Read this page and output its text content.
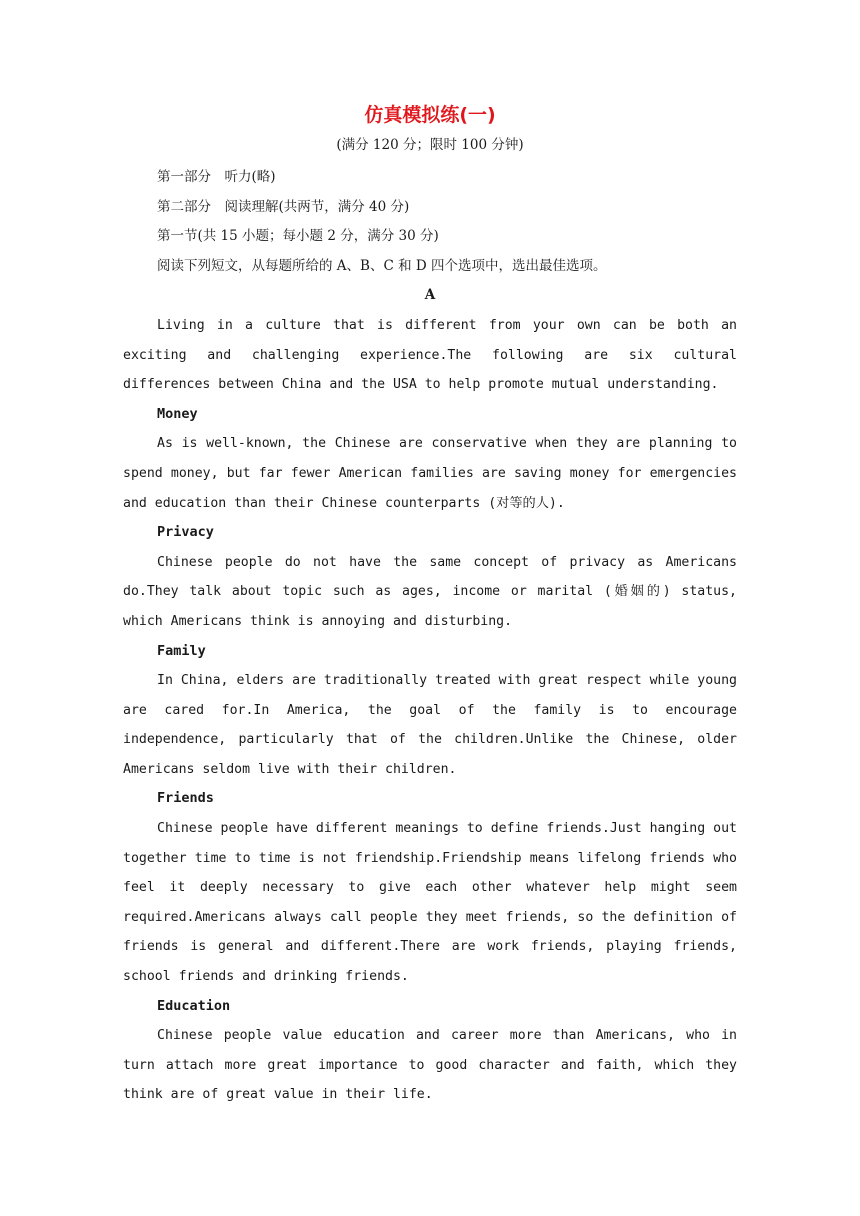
仿真模拟练(一)
(满分 120 分；限时 100 分钟)
第一部分　听力(略)
第二部分　阅读理解(共两节，满分 40 分)
第一节(共 15 小题；每小题 2 分，满分 30 分)
阅读下列短文，从每题所给的 A、B、C 和 D 四个选项中，选出最佳选项。
A

Living in a culture that is different from your own can be both an exciting and challenging experience.The following are six cultural differences between China and the USA to help promote mutual understanding.

Money

As is well-known, the Chinese are conservative when they are planning to spend money, but far fewer American families are saving money for emergencies and education than their Chinese counterparts (对等的人).

Privacy

Chinese people do not have the same concept of privacy as Americans do.They talk about topic such as ages, income or marital (婚姻的) status, which Americans think is annoying and disturbing.

Family

In China, elders are traditionally treated with great respect while young are cared for.In America, the goal of the family is to encourage independence, particularly that of the children.Unlike the Chinese, older Americans seldom live with their children.

Friends

Chinese people have different meanings to define friends.Just hanging out together time to time is not friendship.Friendship means lifelong friends who feel it deeply necessary to give each other whatever help might seem required.Americans always call people they meet friends, so the definition of friends is general and different.There are work friends, playing friends, school friends and drinking friends.

Education

Chinese people value education and career more than Americans, who in turn attach more great importance to good character and faith, which they think are of great value in their life.
